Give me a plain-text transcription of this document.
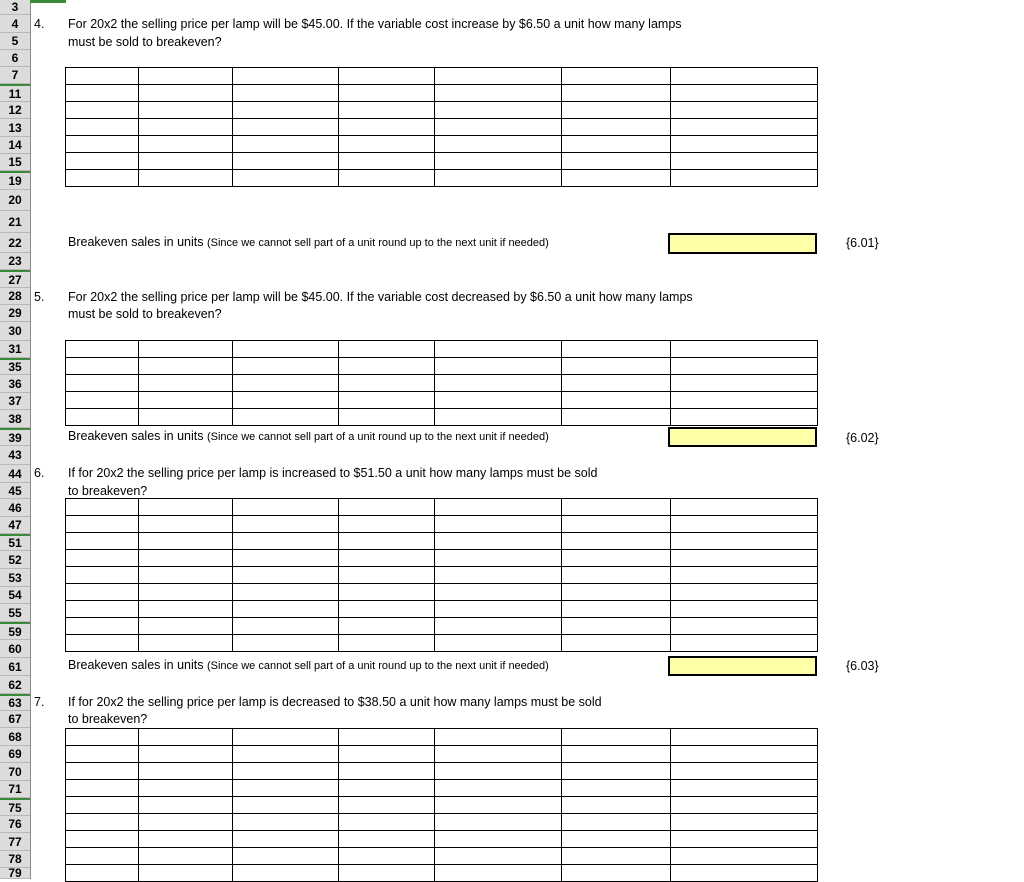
3
4
5
6
7
11
12
13
14
15
19
20
21
22
23
27
28
29
30
31
35
36
37
38
39
43
44
45
46
47
51
52
53
54
55
59
60
61
62
63
67
68
69
70
71
75
76
77
78
79
4. For 20x2 the selling price per lamp will be $45.00. If the variable cost increase by $6.50 a unit how many lamps
must be sold to breakeven?

Breakeven sales in units (Since we cannot sell part of a unit round up to the next unit if needed)	{6.01}
5. For 20x2 the selling price per lamp will be $45.00. If the variable cost decreased by $6.50 a unit how many lamps
must be sold to breakeven?

Breakeven sales in units (Since we cannot sell part of a unit round up to the next unit if needed)	{6.02}
6. If for 20x2 the selling price per lamp is increased to $51.50 a unit how many lamps must be sold
to breakeven?

Breakeven sales in units (Since we cannot sell part of a unit round up to the next unit if needed)	{6.03}
7. If for 20x2 the selling price per lamp is decreased to $38.50 a unit how many lamps must be sold
to breakeven?
